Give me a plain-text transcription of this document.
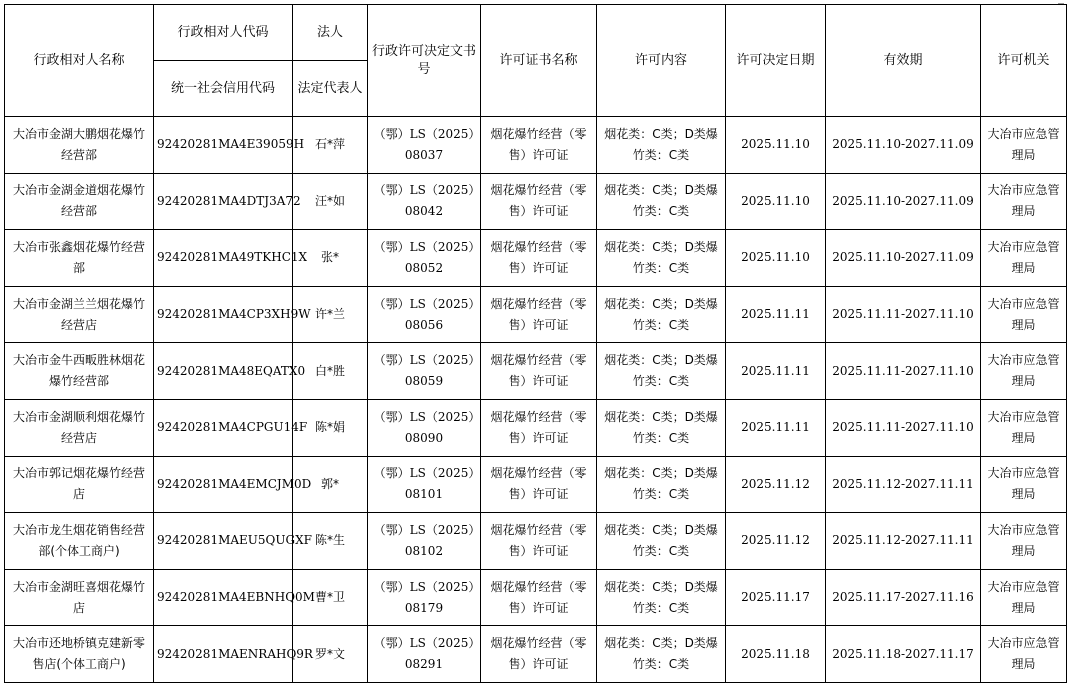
行政相对人名称	行政相对人代码	法人	行政许可决定文书号	许可证书名称	许可内容	许可决定日期	有效期	许可机关
	统一社会信用代码	法定代表人						
大冶市金湖大鹏烟花爆竹经营部	92420281MA4E39059H	石*萍	（鄂）LS（2025）08037	烟花爆竹经营（零售）许可证	烟花类：C类；D类爆竹类：C类	2025.11.10	2025.11.10-2027.11.09	大冶市应急管理局
大冶市金湖金道烟花爆竹经营部	92420281MA4DTJ3A72	汪*如	（鄂）LS（2025）08042	烟花爆竹经营（零售）许可证	烟花类：C类；D类爆竹类：C类	2025.11.10	2025.11.10-2027.11.09	大冶市应急管理局
大冶市张鑫烟花爆竹经营部	92420281MA49TKHC1X	张*	（鄂）LS（2025）08052	烟花爆竹经营（零售）许可证	烟花类：C类；D类爆竹类：C类	2025.11.10	2025.11.10-2027.11.09	大冶市应急管理局
大冶市金湖兰兰烟花爆竹经营店	92420281MA4CP3XH9W	许*兰	（鄂）LS（2025）08056	烟花爆竹经营（零售）许可证	烟花类：C类；D类爆竹类：C类	2025.11.11	2025.11.11-2027.11.10	大冶市应急管理局
大冶市金牛西畈胜林烟花爆竹经营部	92420281MA48EQATX0	白*胜	（鄂）LS（2025）08059	烟花爆竹经营（零售）许可证	烟花类：C类；D类爆竹类：C类	2025.11.11	2025.11.11-2027.11.10	大冶市应急管理局
大冶市金湖顺利烟花爆竹经营店	92420281MA4CPGU14F	陈*娟	（鄂）LS（2025）08090	烟花爆竹经营（零售）许可证	烟花类：C类；D类爆竹类：C类	2025.11.11	2025.11.11-2027.11.10	大冶市应急管理局
大冶市郭记烟花爆竹经营店	92420281MA4EMCJM0D	郭*	（鄂）LS（2025）08101	烟花爆竹经营（零售）许可证	烟花类：C类；D类爆竹类：C类	2025.11.12	2025.11.12-2027.11.11	大冶市应急管理局
大冶市龙生烟花销售经营部(个体工商户)	92420281MAEU5QUGXF	陈*生	（鄂）LS（2025）08102	烟花爆竹经营（零售）许可证	烟花类：C类；D类爆竹类：C类	2025.11.12	2025.11.12-2027.11.11	大冶市应急管理局
大冶市金湖旺喜烟花爆竹店	92420281MA4EBNHQ0M	曹*卫	（鄂）LS（2025）08179	烟花爆竹经营（零售）许可证	烟花类：C类；D类爆竹类：C类	2025.11.17	2025.11.17-2027.11.16	大冶市应急管理局
大冶市还地桥镇克建新零售店(个体工商户)	92420281MAENRAHQ9R	罗*文	（鄂）LS（2025）08291	烟花爆竹经营（零售）许可证	烟花类：C类；D类爆竹类：C类	2025.11.18	2025.11.18-2027.11.17	大冶市应急管理局
